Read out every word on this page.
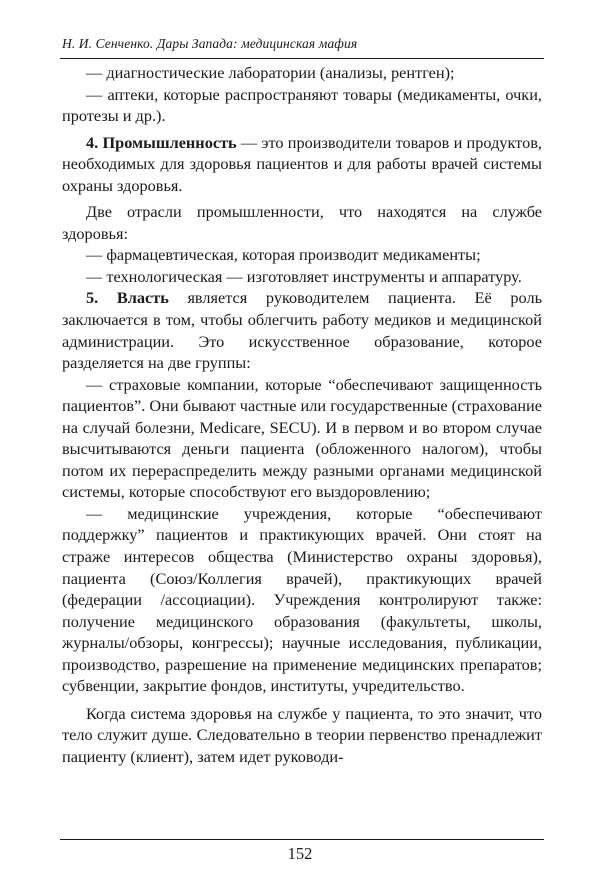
Н. И. Сенченко. Дары Запада: медицинская мафия

— диагностические лаборатории (анализы, рентген);

— аптеки, которые распространяют товары (медикаменты, очки, протезы и др.).

4. Промышленность — это производители товаров и продуктов, необходимых для здоровья пациентов и для работы врачей системы охраны здоровья.

Две отрасли промышленности, что находятся на службе здоровья:

— фармацевтическая, которая производит медикаменты;

— технологическая — изготовляет инструменты и аппаратуру.

5. Власть является руководителем пациента. Её роль заключается в том, чтобы облегчить работу медиков и медицинской администрации. Это искусственное образование, которое разделяется на две группы:

— страховые компании, которые “обеспечивают защищенность пациентов”. Они бывают частные или государственные (страхование на случай болезни, Medicare, SECU). И в первом и во втором случае высчитываются деньги пациента (обложенного налогом), чтобы потом их перераспределить между разными органами медицинской системы, которые способствуют его выздоровлению;

— медицинские учреждения, которые “обеспечивают поддержку” пациентов и практикующих врачей. Они стоят на страже интересов общества (Министерство охраны здоровья), пациента (Союз/Коллегия врачей), практикующих врачей (федерации /ассоциации). Учреждения контролируют также: получение медицинского образования (факультеты, школы, журналы/обзоры, конгрессы); научные исследования, публикации, производство, разрешение на применение медицинских препаратов; субвенции, закрытие фондов, институты, учредительство.

Когда система здоровья на службе у пациента, то это значит, что тело служит душе. Следовательно в теории первенство пренадлежит пациенту (клиент), затем идет руководи-

152
